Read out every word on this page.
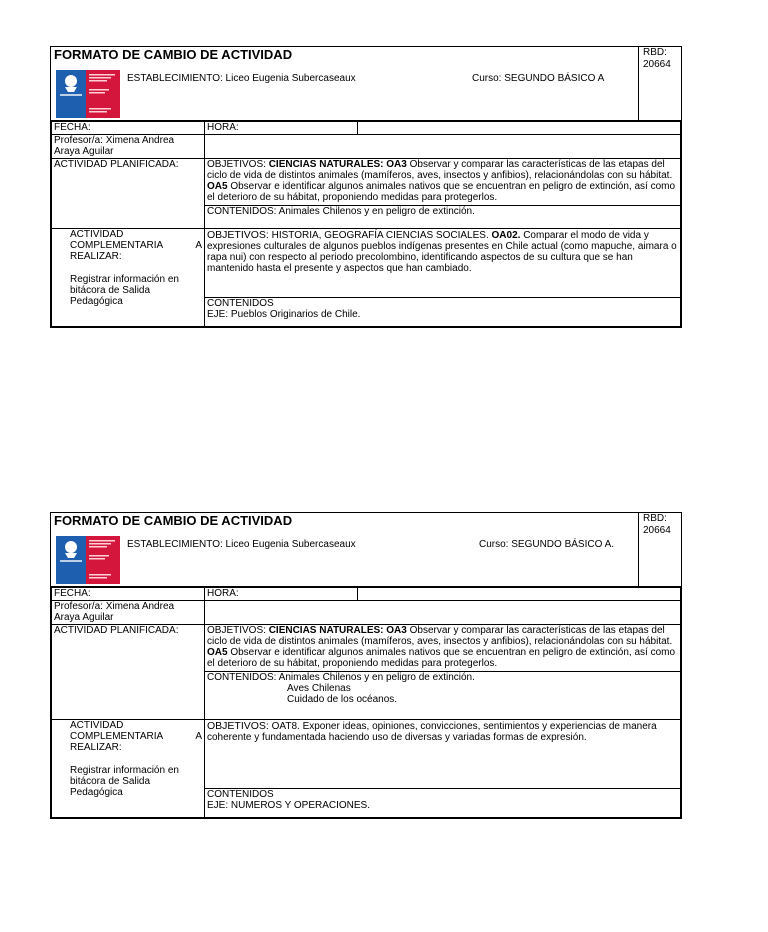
FORMATO DE CAMBIO DE ACTIVIDAD
ESTABLECIMIENTO: Liceo Eugenia Subercaseaux	Curso: SEGUNDO BÁSICO A
RBD:
20664
FECHA:	HORA:	
Profesor/a: Ximena Andrea Araya Aguilar		
ACTIVIDAD PLANIFICADA:	OBJETIVOS: CIENCIAS NATURALES: OA3 Observar y comparar las características de las etapas del ciclo de vida de distintos animales (mamíferos, aves, insectos y anfibios), relacionándolas con su hábitat.
OA5 Observar e identificar algunos animales nativos que se encuentran en peligro de extinción, así como el deterioro de su hábitat, proponiendo medidas para protegerlos.	
	CONTENIDOS: Animales Chilenos y en peligro de extinción.	

ACTIVIDAD COMPLEMENTARIA A REALIZAR:
Registrar información en bitácora de Salida Pedagógica	OBJETIVOS: HISTORIA, GEOGRAFÍA CIENCIAS SOCIALES. OA02. Comparar el modo de vida y expresiones culturales de algunos pueblos indígenas presentes en Chile actual (como mapuche, aimara o rapa nui) con respecto al periodo precolombino, identificando aspectos de su cultura que se han mantenido hasta el presente y aspectos que han cambiado.	

	CONTENIDOS
EJE: Pueblos Originarios de Chile.	
FORMATO DE CAMBIO DE ACTIVIDAD
ESTABLECIMIENTO: Liceo Eugenia Subercaseaux	Curso: SEGUNDO BÁSICO A.
RBD:
20664
FECHA:	HORA:	
Profesor/a: Ximena Andrea Araya Aguilar		
ACTIVIDAD PLANIFICADA:	OBJETIVOS: CIENCIAS NATURALES: OA3 Observar y comparar las características de las etapas del ciclo de vida de distintos animales (mamíferos, aves, insectos y anfibios), relacionándolas con su hábitat.
OA5 Observar e identificar algunos animales nativos que se encuentran en peligro de extinción, así como el deterioro de su hábitat, proponiendo medidas para protegerlos.	
	CONTENIDOS: Animales Chilenos y en peligro de extinción.
Aves Chilenas
Cuidado de los océanos.	

ACTIVIDAD COMPLEMENTARIA A REALIZAR:
Registrar información en bitácora de Salida Pedagógica	OBJETIVOS: OAT8. Exponer ideas, opiniones, convicciones, sentimientos y experiencias de manera coherente y fundamentada haciendo uso de diversas y variadas formas de expresión.	

	CONTENIDOS
EJE: NUMEROS Y OPERACIONES.	
